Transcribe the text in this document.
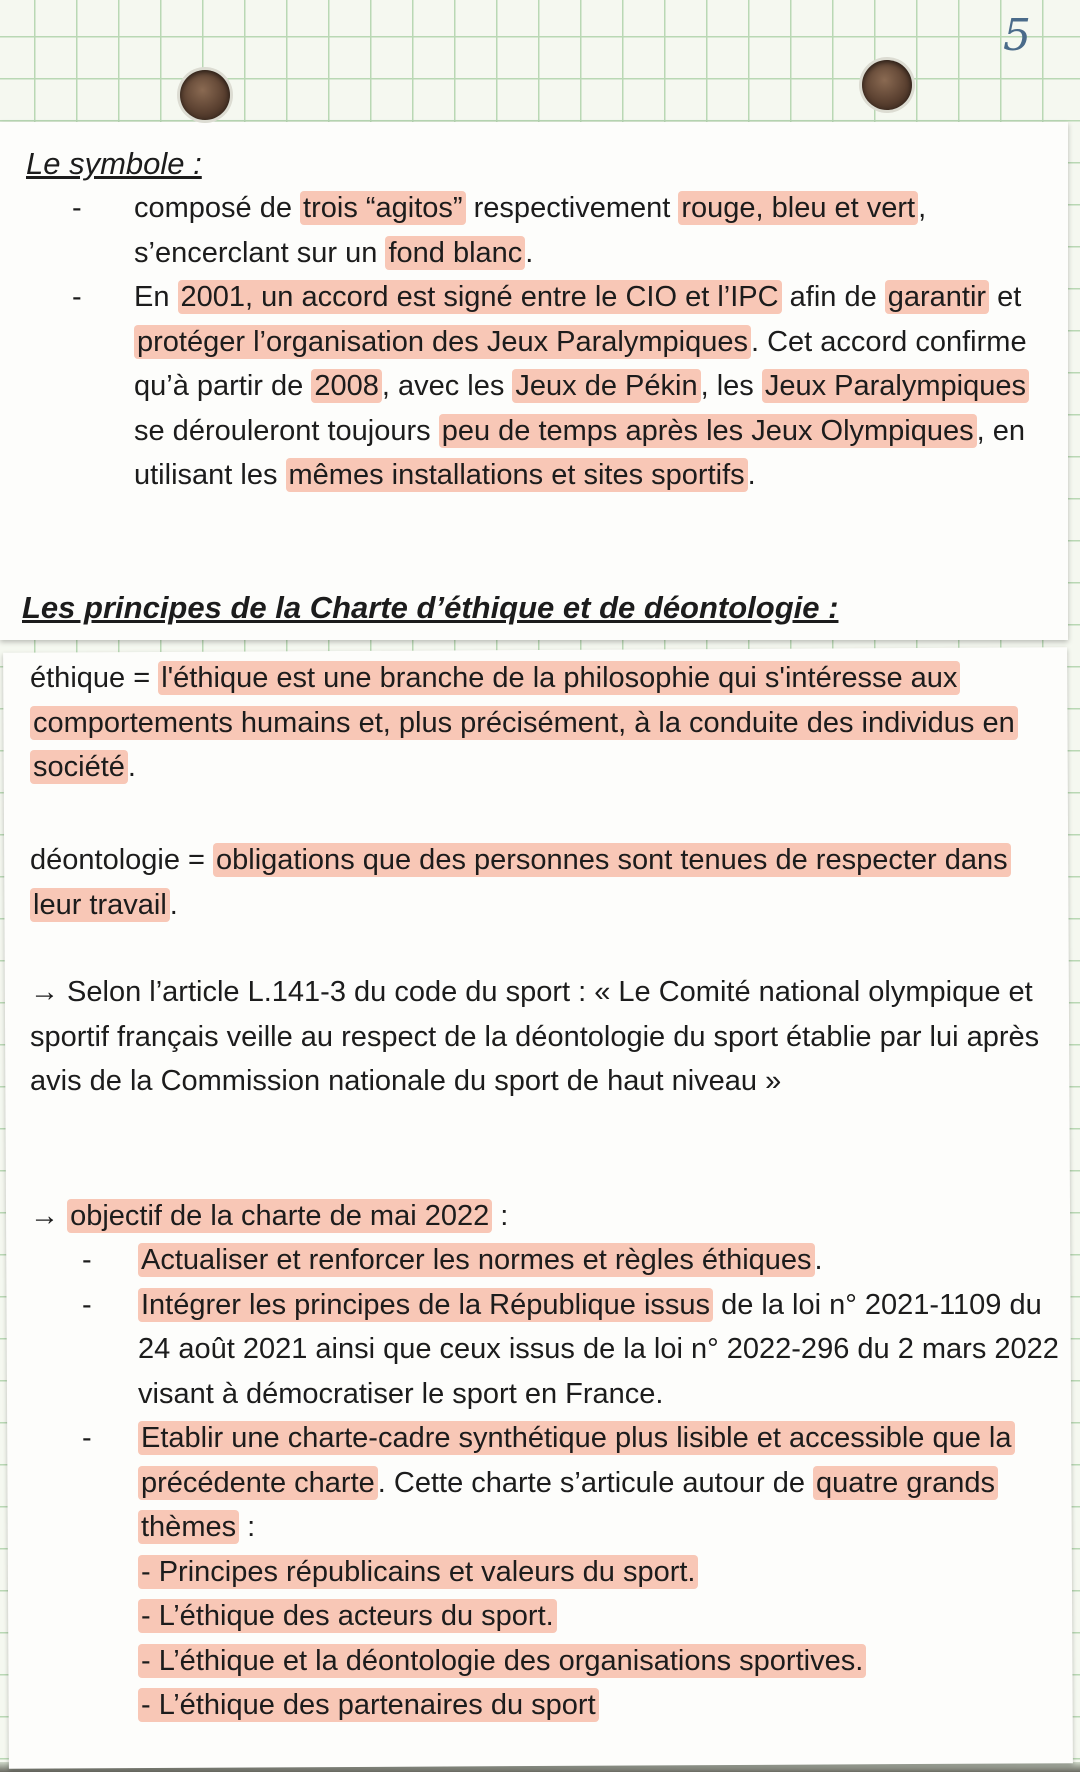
5
Le symbole :
- composé de trois “agitos” respectivement rouge, bleu et vert , s’encerclant sur un fond blanc .
- En 2001, un accord est signé entre le CIO et l’IPC afin de garantir et protéger l’organisation des Jeux Paralympiques . Cet accord confirme qu’à partir de 2008 , avec les Jeux de Pékin , les Jeux Paralympiques se dérouleront toujours peu de temps après les Jeux Olympiques , en utilisant les mêmes installations et sites sportifs .
Les principes de la Charte d’éthique et de déontologie :

éthique = l'éthique est une branche de la philosophie qui s'intéresse aux comportements humains et, plus précisément, à la conduite des individus en société .

déontologie = obligations que des personnes sont tenues de respecter dans leur travail .

→ Selon l’article L.141-3 du code du sport : « Le Comité national olympique et sportif français veille au respect de la déontologie du sport établie par lui après avis de la Commission nationale du sport de haut niveau »

→ objectif de la charte de mai 2022 :

- Actualiser et renforcer les normes et règles éthiques .
- Intégrer les principes de la République issus de la loi n° 2021-1109 du 24 août 2021 ainsi que ceux issus de la loi n° 2022-296 du 2 mars 2022 visant à démocratiser le sport en France.
- Etablir une charte-cadre synthétique plus lisible et accessible que la précédente charte . Cette charte s’articule autour de quatre grands thèmes :
- Principes républicains et valeurs du sport.
- L’éthique des acteurs du sport.
- L’éthique et la déontologie des organisations sportives.
- L’éthique des partenaires du sport
